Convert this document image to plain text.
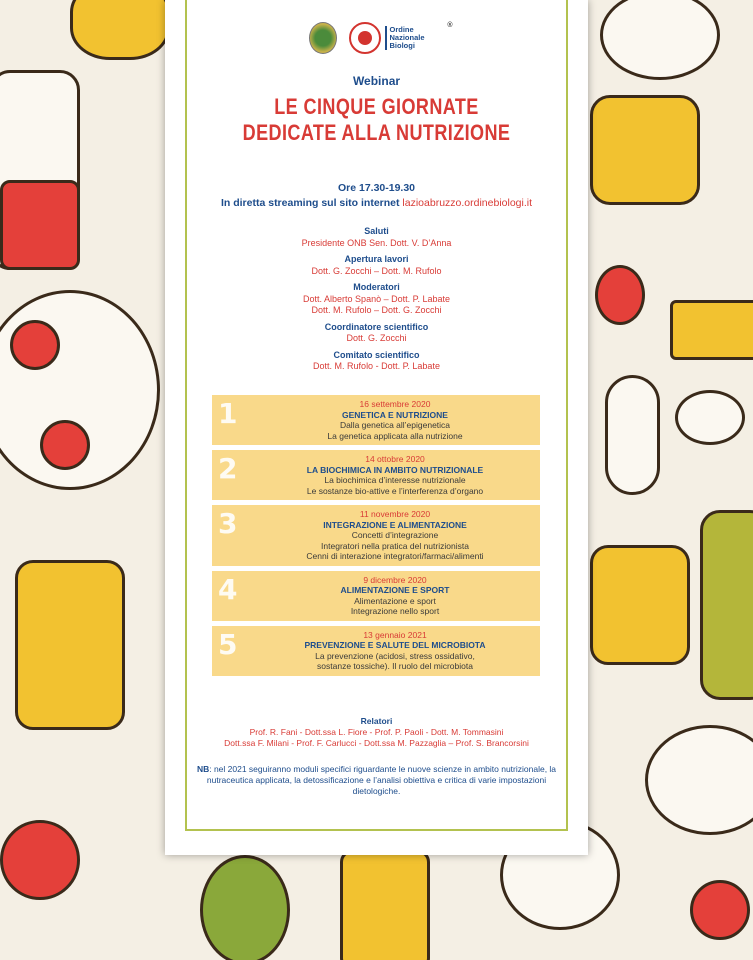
Ordine
Nazionale
Biologi
®
Webinar
LE CINQUE GIORNATE
DEDICATE ALLA NUTRIZIONE
Ore 17.30-19.30
In diretta streaming sul sito internet lazioabruzzo.ordinebiologi.it
Saluti
Presidente ONB Sen. Dott. V. D’Anna
Apertura lavori
Dott. G. Zocchi – Dott. M. Rufolo
Moderatori
Dott. Alberto Spanò – Dott. P. Labate
Dott. M. Rufolo – Dott. G. Zocchi
Coordinatore scientifico
Dott. G. Zocchi
Comitato scientifico
Dott. M. Rufolo - Dott. P. Labate
1	16 settembre 2020
GENETICA E NUTRIZIONE
Dalla genetica all’epigenetica
La genetica applicata alla nutrizione
2	14 ottobre 2020
LA BIOCHIMICA IN AMBITO NUTRIZIONALE
La biochimica d’interesse nutrizionale
Le sostanze bio-attive e l’interferenza d’organo
3	11 novembre 2020
INTEGRAZIONE E ALIMENTAZIONE
Concetti d’integrazione
Integratori nella pratica del nutrizionista
Cenni di interazione integratori/farmaci/alimenti
4	9 dicembre 2020
ALIMENTAZIONE E SPORT
Alimentazione e sport
Integrazione nello sport
5	13 gennaio 2021
PREVENZIONE E SALUTE DEL MICROBIOTA
La prevenzione (acidosi, stress ossidativo,
sostanze tossiche). Il ruolo del microbiota
Relatori
Prof. R. Fani - Dott.ssa L. Fiore - Prof. P. Paoli - Dott. M. Tommasini
Dott.ssa F. Milani - Prof. F. Carlucci - Dott.ssa M. Pazzaglia – Prof. S. Brancorsini
NB: nel 2021 seguiranno moduli specifici riguardante le nuove scienze in ambito nutrizionale, la nutraceutica applicata, la detossificazione e l’analisi obiettiva e critica di varie impostazioni dietologiche.
